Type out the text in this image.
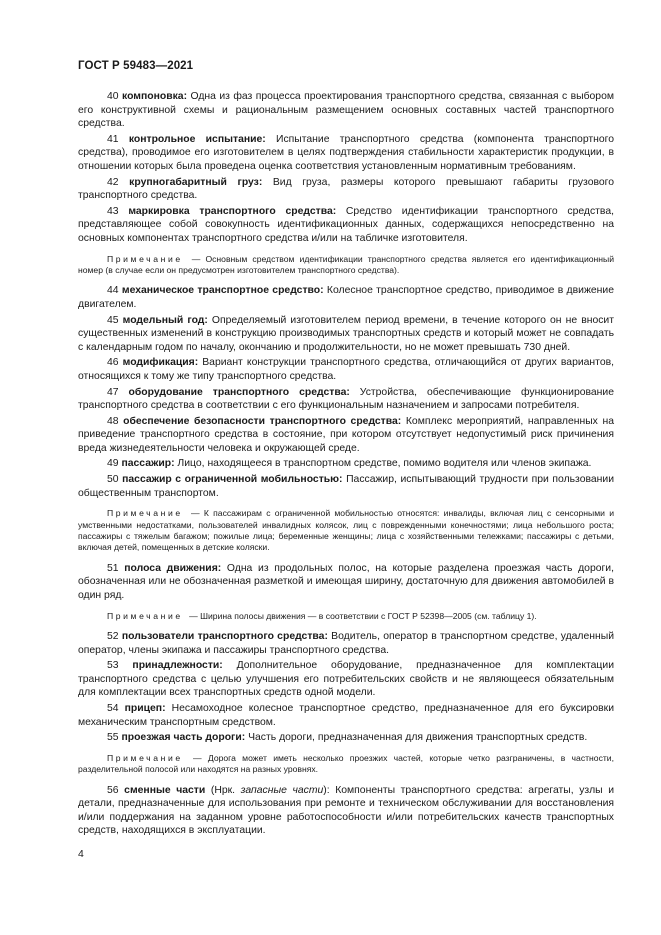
ГОСТ Р 59483—2021

40 компоновка: Одна из фаз процесса проектирования транспортного средства, связанная с выбором его конструктивной схемы и рациональным размещением основных составных частей транспортного средства.

41 контрольное испытание: Испытание транспортного средства (компонента транспортного средства), проводимое его изготовителем в целях подтверждения стабильности характеристик продукции, в отношении которых была проведена оценка соответствия установленным нормативным требованиям.

42 крупногабаритный груз: Вид груза, размеры которого превышают габариты грузового транспортного средства.

43 маркировка транспортного средства: Средство идентификации транспортного средства, представляющее собой совокупность идентификационных данных, содержащихся непосредственно на основных компонентах транспортного средства и/или на табличке изготовителя.

Примечание — Основным средством идентификации транспортного средства является его идентификационный номер (в случае если он предусмотрен изготовителем транспортного средства).

44 механическое транспортное средство: Колесное транспортное средство, приводимое в движение двигателем.

45 модельный год: Определяемый изготовителем период времени, в течение которого он не вносит существенных изменений в конструкцию производимых транспортных средств и который может не совпадать с календарным годом по началу, окончанию и продолжительности, но не может превышать 730 дней.

46 модификация: Вариант конструкции транспортного средства, отличающийся от других вариантов, относящихся к тому же типу транспортного средства.

47 оборудование транспортного средства: Устройства, обеспечивающие функционирование транспортного средства в соответствии с его функциональным назначением и запросами потребителя.

48 обеспечение безопасности транспортного средства: Комплекс мероприятий, направленных на приведение транспортного средства в состояние, при котором отсутствует недопустимый риск причинения вреда жизнедеятельности человека и окружающей среде.

49 пассажир: Лицо, находящееся в транспортном средстве, помимо водителя или членов экипажа.

50 пассажир с ограниченной мобильностью: Пассажир, испытывающий трудности при пользовании общественным транспортом.

Примечание — К пассажирам с ограниченной мобильностью относятся: инвалиды, включая лиц с сенсорными и умственными недостатками, пользователей инвалидных колясок, лиц с поврежденными конечностями; лица небольшого роста; пассажиры с тяжелым багажом; пожилые лица; беременные женщины; лица с хозяйственными тележками; пассажиры с детьми, включая детей, помещенных в детские коляски.

51 полоса движения: Одна из продольных полос, на которые разделена проезжая часть дороги, обозначенная или не обозначенная разметкой и имеющая ширину, достаточную для движения автомобилей в один ряд.

Примечание — Ширина полосы движения — в соответствии с ГОСТ Р 52398—2005 (см. таблицу 1).

52 пользователи транспортного средства: Водитель, оператор в транспортном средстве, удаленный оператор, члены экипажа и пассажиры транспортного средства.

53 принадлежности: Дополнительное оборудование, предназначенное для комплектации транспортного средства с целью улучшения его потребительских свойств и не являющееся обязательным для комплектации всех транспортных средств одной модели.

54 прицеп: Несамоходное колесное транспортное средство, предназначенное для его буксировки механическим транспортным средством.

55 проезжая часть дороги: Часть дороги, предназначенная для движения транспортных средств.

Примечание — Дорога может иметь несколько проезжих частей, которые четко разграничены, в частности, разделительной полосой или находятся на разных уровнях.

56 сменные части (Нрк. запасные части): Компоненты транспортного средства: агрегаты, узлы и детали, предназначенные для использования при ремонте и техническом обслуживании для восстановления и/или поддержания на заданном уровне работоспособности и/или потребительских качеств транспортных средств, находящихся в эксплуатации.

4
